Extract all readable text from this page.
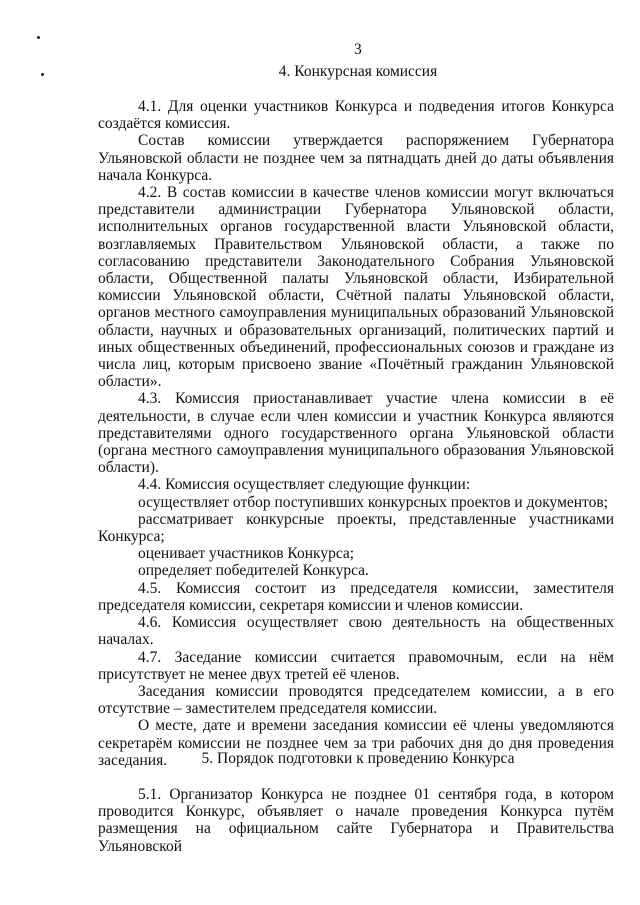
3
4. Конкурсная комиссия

4.1. Для оценки участников Конкурса и подведения итогов Конкурса создаётся комиссия.

Состав комиссии утверждается распоряжением Губернатора Ульяновской области не позднее чем за пятнадцать дней до даты объявления начала Конкурса.

4.2. В состав комиссии в качестве членов комиссии могут включаться представители администрации Губернатора Ульяновской области, исполнительных органов государственной власти Ульяновской области, возглавляемых Правительством Ульяновской области, а также по согласованию представители Законодательного Собрания Ульяновской области, Общественной палаты Ульяновской области, Избирательной комиссии Ульяновской области, Счётной палаты Ульяновской области, органов местного самоуправления муниципальных образований Ульяновской области, научных и образовательных организаций, политических партий и иных общественных объединений, профессиональных союзов и граждане из числа лиц, которым присвоено звание «Почётный гражданин Ульяновской области».

4.3. Комиссия приостанавливает участие члена комиссии в её деятельности, в случае если член комиссии и участник Конкурса являются представителями одного государственного органа Ульяновской области (органа местного самоуправления муниципального образования Ульяновской области).

4.4. Комиссия осуществляет следующие функции:

осуществляет отбор поступивших конкурсных проектов и документов;

рассматривает конкурсные проекты, представленные участниками Конкурса;

оценивает участников Конкурса;

определяет победителей Конкурса.

4.5. Комиссия состоит из председателя комиссии, заместителя председателя комиссии, секретаря комиссии и членов комиссии.

4.6. Комиссия осуществляет свою деятельность на общественных началах.

4.7. Заседание комиссии считается правомочным, если на нём присутствует не менее двух третей её членов.

Заседания комиссии проводятся председателем комиссии, а в его отсутствие – заместителем председателя комиссии.

О месте, дате и времени заседания комиссии её члены уведомляются секретарём комиссии не позднее чем за три рабочих дня до дня проведения заседания.	5. Порядок подготовки к проведению Конкурса

5.1. Организатор Конкурса не позднее 01 сентября года, в котором проводится Конкурс, объявляет о начале проведения Конкурса путём размещения на официальном сайте Губернатора и Правительства Ульяновской
